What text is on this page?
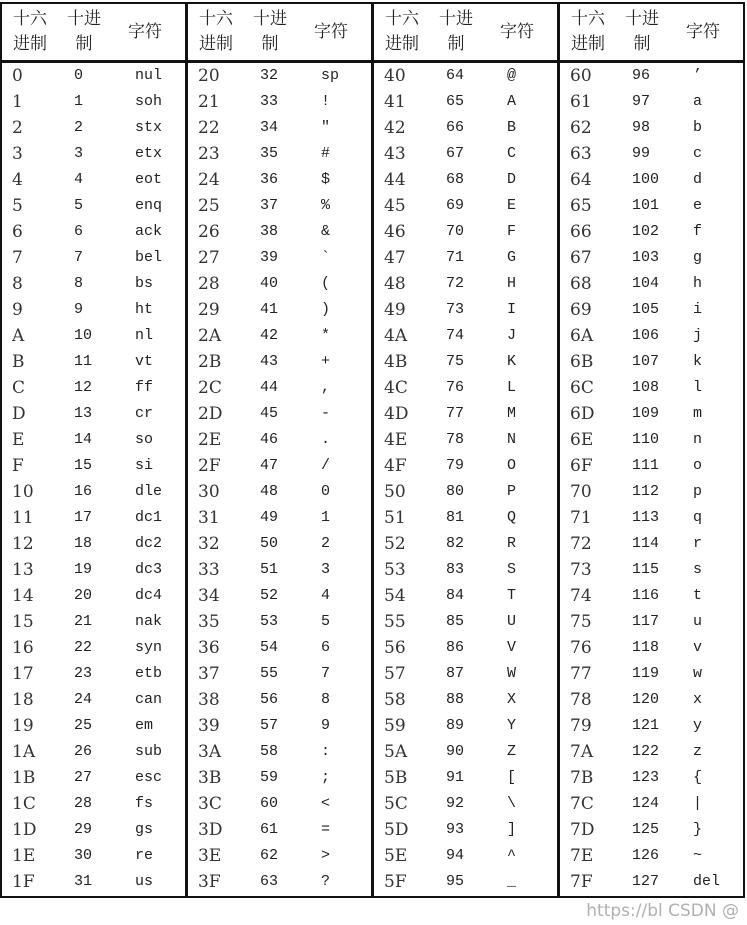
十六
进制
十进
制
字符
0	0	nul
1	1	soh
2	2	stx
3	3	etx
4	4	eot
5	5	enq
6	6	ack
7	7	bel
8	8	bs
9	9	ht
A	10	nl
B	11	vt
C	12	ff
D	13	cr
E	14	so
F	15	si
10	16	dle
11	17	dc1
12	18	dc2
13	19	dc3
14	20	dc4
15	21	nak
16	22	syn
17	23	etb
18	24	can
19	25	em
1A	26	sub
1B	27	esc
1C	28	fs
1D	29	gs
1E	30	re
1F	31	us
十六
进制
十进
制
字符
20	32	sp
21	33	!
22	34	″
23	35	#
24	36	$
25	37	%
26	38	&
27	39	`
28	40	(
29	41	)
2A	42	*
2B	43	+
2C	44	,
2D	45	-
2E	46	.
2F	47	/
30	48	0
31	49	1
32	50	2
33	51	3
34	52	4
35	53	5
36	54	6
37	55	7
38	56	8
39	57	9
3A	58	:
3B	59	;
3C	60	<
3D	61	=
3E	62	>
3F	63	?
十六
进制
十进
制
字符
40	64	@
41	65	A
42	66	B
43	67	C
44	68	D
45	69	E
46	70	F
47	71	G
48	72	H
49	73	I
4A	74	J
4B	75	K
4C	76	L
4D	77	M
4E	78	N
4F	79	O
50	80	P
51	81	Q
52	82	R
53	83	S
54	84	T
55	85	U
56	86	V
57	87	W
58	88	X
59	89	Y
5A	90	Z
5B	91	[
5C	92	\
5D	93	]
5E	94	^
5F	95	_
十六
进制
十进
制
字符
60	96	’
61	97	a
62	98	b
63	99	c
64	100 d
65	101 e
66	102 f
67	103 g
68	104 h
69	105 i
6A	106 j
6B	107 k
6C	108 l
6D	109 m
6E	110 n
6F	111 o
70	112 p
71	113 q
72	114 r
73	115 s
74	116 t
75	117 u
76	118 v
77	119 w
78	120 x
79	121 y
7A	122 z
7B	123 {
7C	124 |
7D	125 }
7E	126 ~
7F	127 del
https://bl CSDN @
